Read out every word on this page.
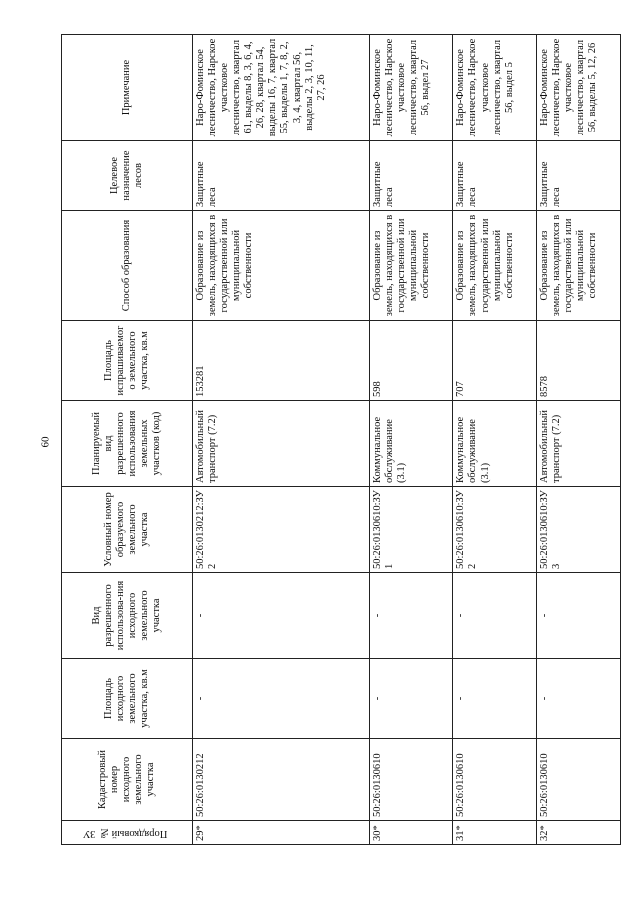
60
Порядковый № ЗУ	Кадастровый номер исходного земельного участка	Площадь исходного земельного участка, кв.м	Вид разрешенного использова-ния исходного земельного участка	Условный номер образуемого земельного участка	Планируемый вид разрешенного использования земельных участков (код)	Площадь испрашиваемого земельного участка, кв.м	Способ образования	Целевое назначение лесов	Примечание
29*	50:26:0130212	-	-	50:26:0130212:ЗУ2	Автомобильный транспорт (7.2)	153281	Образование из земель, находящихся в государственной или муниципальной собственности	Защитные леса	Наро-Фоминское лесничество, Нарское участковое лесничество, квартал 61, выделы 8, 3, 6, 4, 26, 28, квартал 54, выделы 16, 7, квартал 55, выделы 1, 7, 8, 2, 3, 4, квартал 56, выделы 2, 3, 10, 11, 27, 26
30*	50:26:0130610	-	-	50:26:0130610:ЗУ1	Коммунальное обслуживание (3.1)	598	Образование из земель, находящихся в государственной или муниципальной собственности	Защитные леса	Наро-Фоминское лесничество, Нарское участковое лесничество, квартал 56, выдел 27
31*	50:26:0130610	-	-	50:26:0130610:ЗУ2	Коммунальное обслуживание (3.1)	707	Образование из земель, находящихся в государственной или муниципальной собственности	Защитные леса	Наро-Фоминское лесничество, Нарское участковое лесничество, квартал 56, выдел 5
32*	50:26:0130610	-	-	50:26:0130610:ЗУ3	Автомобильный транспорт (7.2)	8578	Образование из земель, находящихся в государственной или муниципальной собственности	Защитные леса	Наро-Фоминское лесничество, Нарское участковое лесничество, квартал 56, выделы 5, 12, 26
